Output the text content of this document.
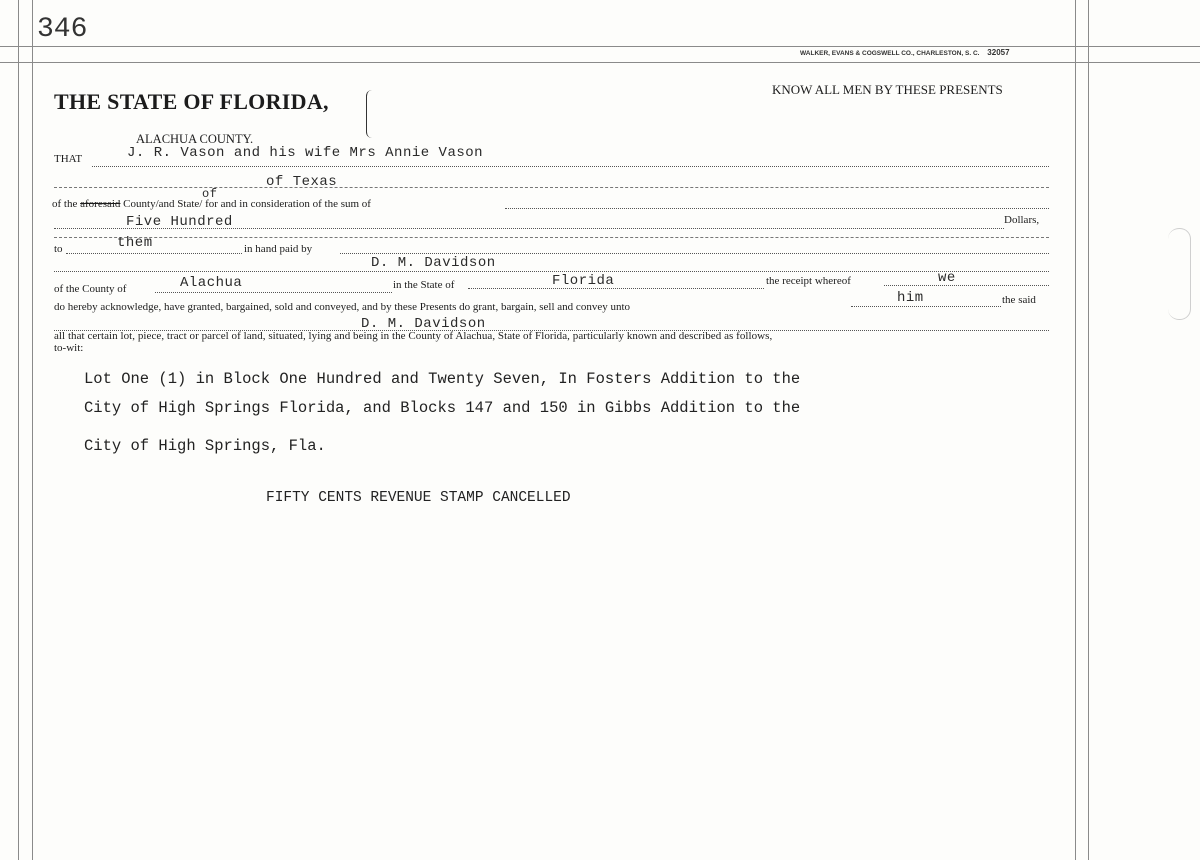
346
WALKER, EVANS & COGSWELL CO., CHARLESTON, S. C. 32057
THE STATE OF FLORIDA,
ALACHUA COUNTY.
KNOW ALL MEN BY THESE PRESENTS
THAT	J. R. Vason and his wife Mrs Annie Vason
of Texas
of
of the aforesaid County/and State/ for and in consideration of the sum of
Five Hundred	Dollars,
to	them	in hand paid by
D. M. Davidson
of the County of	Alachua	in the State of	Florida	the receipt whereof	we
do hereby acknowledge, have granted, bargained, sold and conveyed, and by these Presents do grant, bargain, sell and convey unto
him	the said
D. M. Davidson
all that certain lot, piece, tract or parcel of land, situated, lying and being in the County of Alachua, State of Florida, particularly known and described as follows,
to-wit:
Lot One (1) in Block One Hundred and Twenty Seven, In Fosters Addition to the
City of High Springs Florida, and Blocks 147 and 150 in Gibbs Addition to the
City of High Springs, Fla.
FIFTY CENTS REVENUE STAMP CANCELLED
